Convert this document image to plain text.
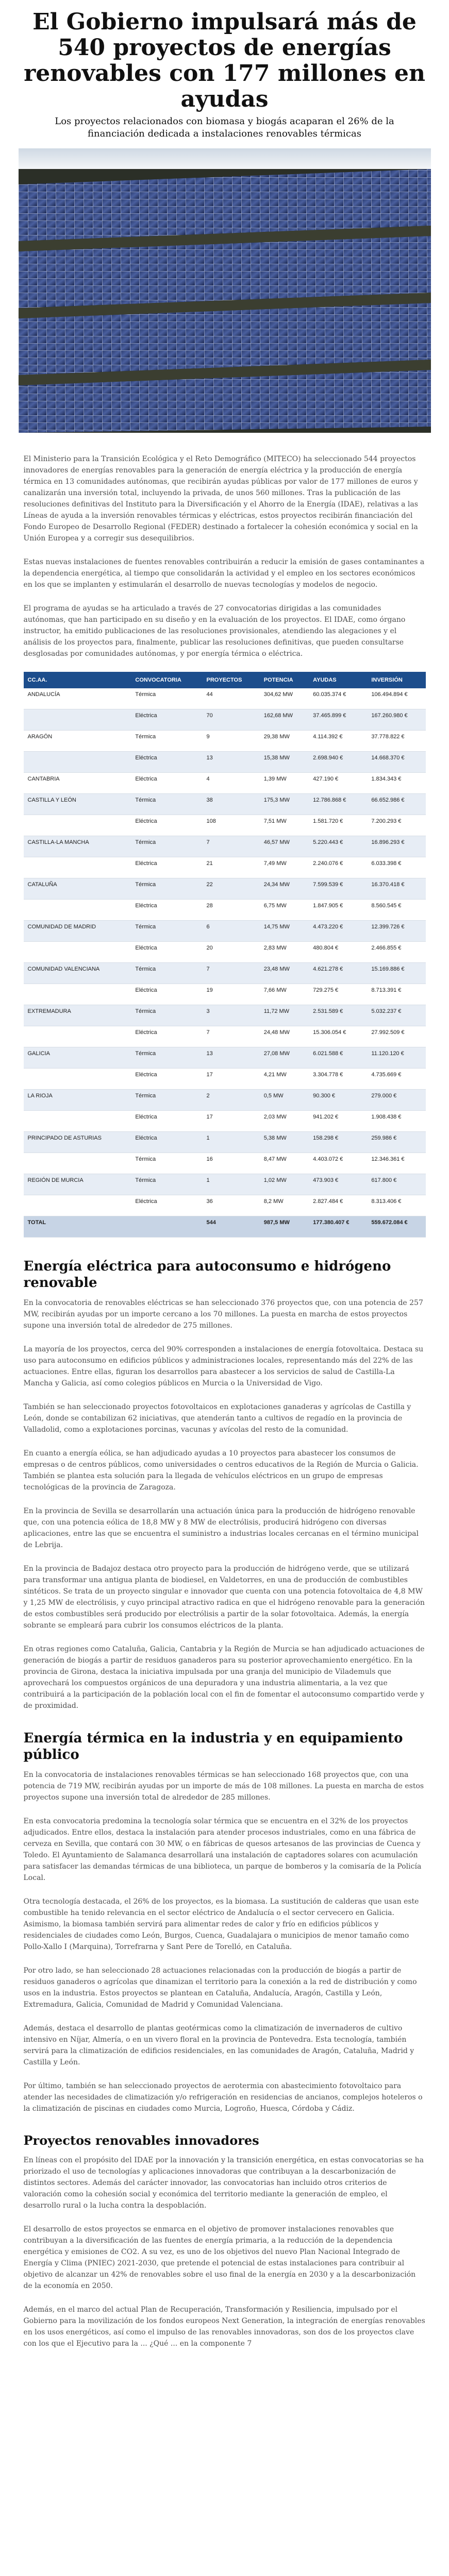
El Gobierno impulsará más de 540 proyectos de energías renovables con 177 millones en ayudas

Los proyectos relacionados con biomasa y biogás acaparan el 26% de la financiación dedicada a instalaciones renovables térmicas

El Ministerio para la Transición Ecológica y el Reto Demográfico (MITECO) ha seleccionado 544 proyectos innovadores de energías renovables para la generación de energía eléctrica y la producción de energía térmica en 13 comunidades autónomas, que recibirán ayudas públicas por valor de 177 millones de euros y canalizarán una inversión total, incluyendo la privada, de unos 560 millones. Tras la publicación de las resoluciones definitivas del Instituto para la Diversificación y el Ahorro de la Energía (IDAE), relativas a las Líneas de ayuda a la inversión renovables térmicas y eléctricas, estos proyectos recibirán financiación del Fondo Europeo de Desarrollo Regional (FEDER) destinado a fortalecer la cohesión económica y social en la Unión Europea y a corregir sus desequilibrios.

Estas nuevas instalaciones de fuentes renovables contribuirán a reducir la emisión de gases contaminantes a la dependencia energética, al tiempo que consolidarán la actividad y el empleo en los sectores económicos en los que se implanten y estimularán el desarrollo de nuevas tecnologías y modelos de negocio.

El programa de ayudas se ha articulado a través de 27 convocatorias dirigidas a las comunidades autónomas, que han participado en su diseño y en la evaluación de los proyectos. El IDAE, como órgano instructor, ha emitido publicaciones de las resoluciones provisionales, atendiendo las alegaciones y el análisis de los proyectos para, finalmente, publicar las resoluciones definitivas, que pueden consultarse desglosadas por comunidades autónomas, y por energía térmica o eléctrica.

CC.AA.	CONVOCATORIA	PROYECTOS	POTENCIA	AYUDAS	INVERSIÓN
ANDALUCÍA	Térmica	44	304,62 MW	60.035.374 €	106.494.894 €
	Eléctrica	70	162,68 MW	37.465.899 €	167.260.980 €
ARAGÓN	Térmica	9	29,38 MW	4.114.392 €	37.778.822 €
	Eléctrica	13	15,38 MW	2.698.940 €	14.668.370 €
CANTABRIA	Eléctrica	4	1,39 MW	427.190 €	1.834.343 €
CASTILLA Y LEÓN	Térmica	38	175,3 MW	12.786.868 €	66.652.986 €
	Eléctrica	108	7,51 MW	1.581.720 €	7.200.293 €
CASTILLA-LA MANCHA	Térmica	7	46,57 MW	5.220.443 €	16.896.293 €
	Eléctrica	21	7,49 MW	2.240.076 €	6.033.398 €
CATALUÑA	Térmica	22	24,34 MW	7.599.539 €	16.370.418 €
	Eléctrica	28	6,75 MW	1.847.905 €	8.560.545 €
COMUNIDAD DE MADRID	Térmica	6	14,75 MW	4.473.220 €	12.399.726 €
	Eléctrica	20	2,83 MW	480.804 €	2.466.855 €
COMUNIDAD VALENCIANA	Térmica	7	23,48 MW	4.621.278 €	15.169.886 €
	Eléctrica	19	7,66 MW	729.275 €	8.713.391 €
EXTREMADURA	Térmica	3	11,72 MW	2.531.589 €	5.032.237 €
	Eléctrica	7	24,48 MW	15.306.054 €	27.992.509 €
GALICIA	Térmica	13	27,08 MW	6.021.588 €	11.120.120 €
	Eléctrica	17	4,21 MW	3.304.778 €	4.735.669 €
LA RIOJA	Térmica	2	0,5 MW	90.300 €	279.000 €
	Eléctrica	17	2,03 MW	941.202 €	1.908.438 €
PRINCIPADO DE ASTURIAS	Eléctrica	1	5,38 MW	158.298 €	259.986 €
	Térmica	16	8,47 MW	4.403.072 €	12.346.361 €
REGIÓN DE MURCIA	Térmica	1	1,02 MW	473.903 €	617.800 €
	Eléctrica	36	8,2 MW	2.827.484 €	8.313.406 €
TOTAL		544	987,5 MW	177.380.407 €	559.672.084 €
Energía eléctrica para autoconsumo e hidrógeno renovable

En la convocatoria de renovables eléctricas se han seleccionado 376 proyectos que, con una potencia de 257 MW, recibirán ayudas por un importe cercano a los 70 millones. La puesta en marcha de estos proyectos supone una inversión total de alrededor de 275 millones.

La mayoría de los proyectos, cerca del 90% corresponden a instalaciones de energía fotovoltaica. Destaca su uso para autoconsumo en edificios públicos y administraciones locales, representando más del 22% de las actuaciones. Entre ellas, figuran los desarrollos para abastecer a los servicios de salud de Castilla-La Mancha y Galicia, así como colegios públicos en Murcia o la Universidad de Vigo.

También se han seleccionado proyectos fotovoltaicos en explotaciones ganaderas y agrícolas de Castilla y León, donde se contabilizan 62 iniciativas, que atenderán tanto a cultivos de regadío en la provincia de Valladolid, como a explotaciones porcinas, vacunas y avícolas del resto de la comunidad.

En cuanto a energía eólica, se han adjudicado ayudas a 10 proyectos para abastecer los consumos de empresas o de centros públicos, como universidades o centros educativos de la Región de Murcia o Galicia. También se plantea esta solución para la llegada de vehículos eléctricos en un grupo de empresas tecnológicas de la provincia de Zaragoza.

En la provincia de Sevilla se desarrollarán una actuación única para la producción de hidrógeno renovable que, con una potencia eólica de 18,8 MW y 8 MW de electrólisis, producirá hidrógeno con diversas aplicaciones, entre las que se encuentra el suministro a industrias locales cercanas en el término municipal de Lebrija.

En la provincia de Badajoz destaca otro proyecto para la producción de hidrógeno verde, que se utilizará para transformar una antigua planta de biodiesel, en Valdetorres, en una de producción de combustibles sintéticos. Se trata de un proyecto singular e innovador que cuenta con una potencia fotovoltaica de 4,8 MW y 1,25 MW de electrólisis, y cuyo principal atractivo radica en que el hidrógeno renovable para la generación de estos combustibles será producido por electrólisis a partir de la solar fotovoltaica. Además, la energía sobrante se empleará para cubrir los consumos eléctricos de la planta.

En otras regiones como Cataluña, Galicia, Cantabria y la Región de Murcia se han adjudicado actuaciones de generación de biogás a partir de residuos ganaderos para su posterior aprovechamiento energético. En la provincia de Girona, destaca la iniciativa impulsada por una granja del municipio de Vilademuls que aprovechará los compuestos orgánicos de una depuradora y una industria alimentaria, a la vez que contribuirá a la participación de la población local con el fin de fomentar el autoconsumo compartido verde y de proximidad.

Energía térmica en la industria y en equipamiento público

En la convocatoria de instalaciones renovables térmicas se han seleccionado 168 proyectos que, con una potencia de 719 MW, recibirán ayudas por un importe de más de 108 millones. La puesta en marcha de estos proyectos supone una inversión total de alrededor de 285 millones.

En esta convocatoria predomina la tecnología solar térmica que se encuentra en el 32% de los proyectos adjudicados. Entre ellos, destaca la instalación para atender procesos industriales, como en una fábrica de cerveza en Sevilla, que contará con 30 MW, o en fábricas de quesos artesanos de las provincias de Cuenca y Toledo. El Ayuntamiento de Salamanca desarrollará una instalación de captadores solares con acumulación para satisfacer las demandas térmicas de una biblioteca, un parque de bomberos y la comisaría de la Policía Local.

Otra tecnología destacada, el 26% de los proyectos, es la biomasa. La sustitución de calderas que usan este combustible ha tenido relevancia en el sector eléctrico de Andalucía o el sector cervecero en Galicia. Asimismo, la biomasa también servirá para alimentar redes de calor y frío en edificios públicos y residenciales de ciudades como León, Burgos, Cuenca, Guadalajara o municipios de menor tamaño como Pollo-Xallo I (Marquina), Torrefrarna y Sant Pere de Torelló, en Cataluña.

Por otro lado, se han seleccionado 28 actuaciones relacionadas con la producción de biogás a partir de residuos ganaderos o agrícolas que dinamizan el territorio para la conexión a la red de distribución y como usos en la industria. Estos proyectos se plantean en Cataluña, Andalucía, Aragón, Castilla y León, Extremadura, Galicia, Comunidad de Madrid y Comunidad Valenciana.

Además, destaca el desarrollo de plantas geotérmicas como la climatización de invernaderos de cultivo intensivo en Níjar, Almería, o en un vivero floral en la provincia de Pontevedra. Esta tecnología, también servirá para la climatización de edificios residenciales, en las comunidades de Aragón, Cataluña, Madrid y Castilla y León.

Por último, también se han seleccionado proyectos de aerotermia con abastecimiento fotovoltaico para atender las necesidades de climatización y/o refrigeración en residencias de ancianos, complejos hoteleros o la climatización de piscinas en ciudades como Murcia, Logroño, Huesca, Córdoba y Cádiz.

Proyectos renovables innovadores

En líneas con el propósito del IDAE por la innovación y la transición energética, en estas convocatorias se ha priorizado el uso de tecnologías y aplicaciones innovadoras que contribuyan a la descarbonización de distintos sectores. Además del carácter innovador, las convocatorias han incluido otros criterios de valoración como la cohesión social y económica del territorio mediante la generación de empleo, el desarrollo rural o la lucha contra la despoblación.

El desarrollo de estos proyectos se enmarca en el objetivo de promover instalaciones renovables que contribuyan a la diversificación de las fuentes de energía primaria, a la reducción de la dependencia energética y emisiones de CO2. A su vez, es uno de los objetivos del nuevo Plan Nacional Integrado de Energía y Clima (PNIEC) 2021-2030, que pretende el potencial de estas instalaciones para contribuir al objetivo de alcanzar un 42% de renovables sobre el uso final de la energía en 2030 y a la descarbonización de la economía en 2050.

Además, en el marco del actual Plan de Recuperación, Transformación y Resiliencia, impulsado por el Gobierno para la movilización de los fondos europeos Next Generation, la integración de energías renovables en los usos energéticos, así como el impulso de las renovables innovadoras, son dos de los proyectos clave con los que el Ejecutivo para la ... ¿Qué ... en la componente 7
